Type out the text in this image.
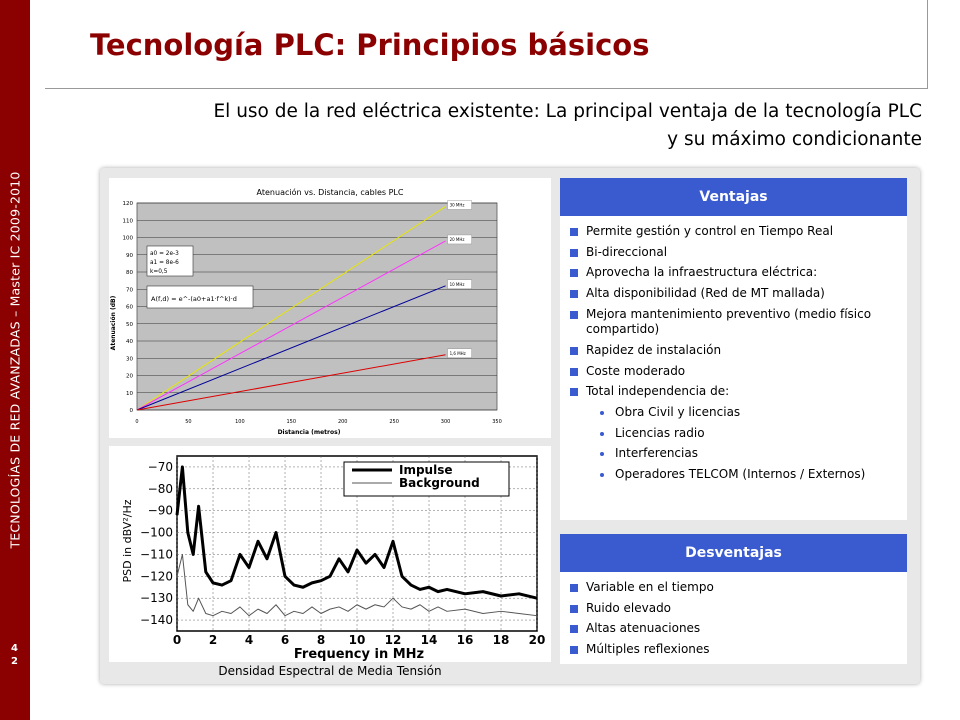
TECNOLOGÍAS DE RED AVANZADAS – Master IC 2009-2010
4
2
Tecnología PLC: Principios básicos
El uso de la red eléctrica existente: La principal ventaja de la tecnología PLC
y su máximo condicionante
Atenuación vs. Distancia, cables PLC
0
10
20
30
40
50
60
70
80
90
100
110
120
0	50	100	150	200	250	300	350
30 MHz
20 MHz
10 MHz
1,6 MHz
a0 = 2e-3
a1 = 8e-6
k=0,5
A(f,d) = e^-(a0+a1·f^k)·d
Distancia (metros)
Atenuación (dB)
−70
−80
−90
−100
−110
−120
−130
−140
0 2 4 6 8 10 12 14 16 18 20
Impulse
Background
Frequency in MHz
PSD in dBV²/Hz
Densidad Espectral de Media Tensión
Ventajas
Permite gestión y control en Tiempo Real
Bi-direccional
Aprovecha la infraestructura eléctrica:
Alta disponibilidad (Red de MT mallada)
Mejora mantenimiento preventivo (medio físico compartido)
Rapidez de instalación
Coste moderado
Total independencia de:
Obra Civil y licencias
Licencias radio
Interferencias
Operadores TELCOM (Internos / Externos)
Desventajas
Variable en el tiempo
Ruido elevado
Altas atenuaciones
Múltiples reflexiones
